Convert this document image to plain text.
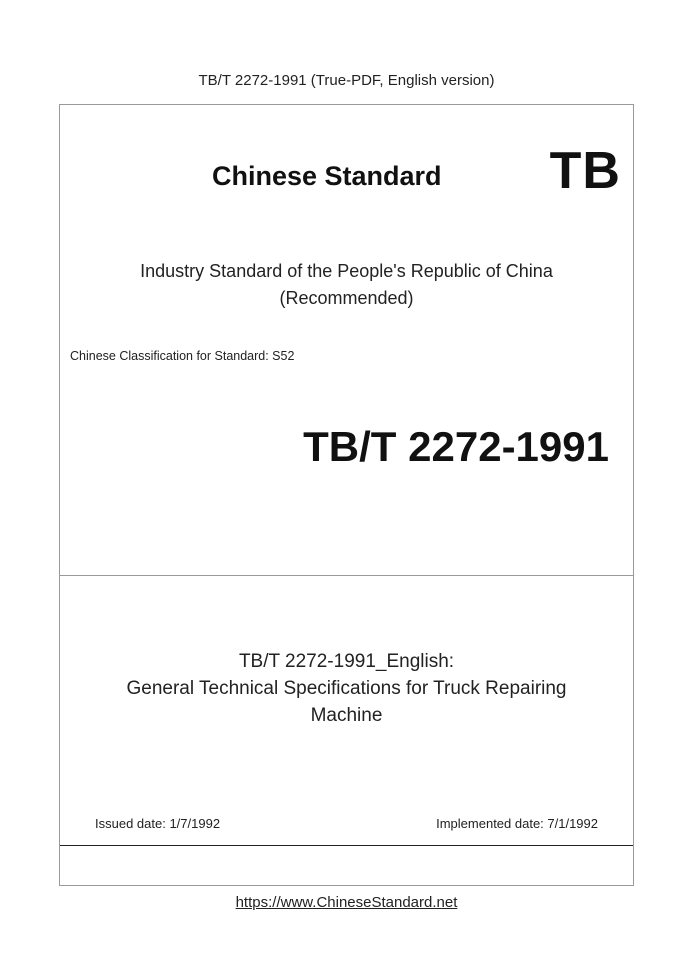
TB/T 2272-1991 (True-PDF, English version)
Chinese Standard TB
Industry Standard of the People's Republic of China
(Recommended)
Chinese Classification for Standard: S52
TB/T 2272-1991
TB/T 2272-1991_English:
General Technical Specifications for Truck Repairing
Machine
Issued date: 1/7/1992	Implemented date: 7/1/1992
https://www.ChineseStandard.net
